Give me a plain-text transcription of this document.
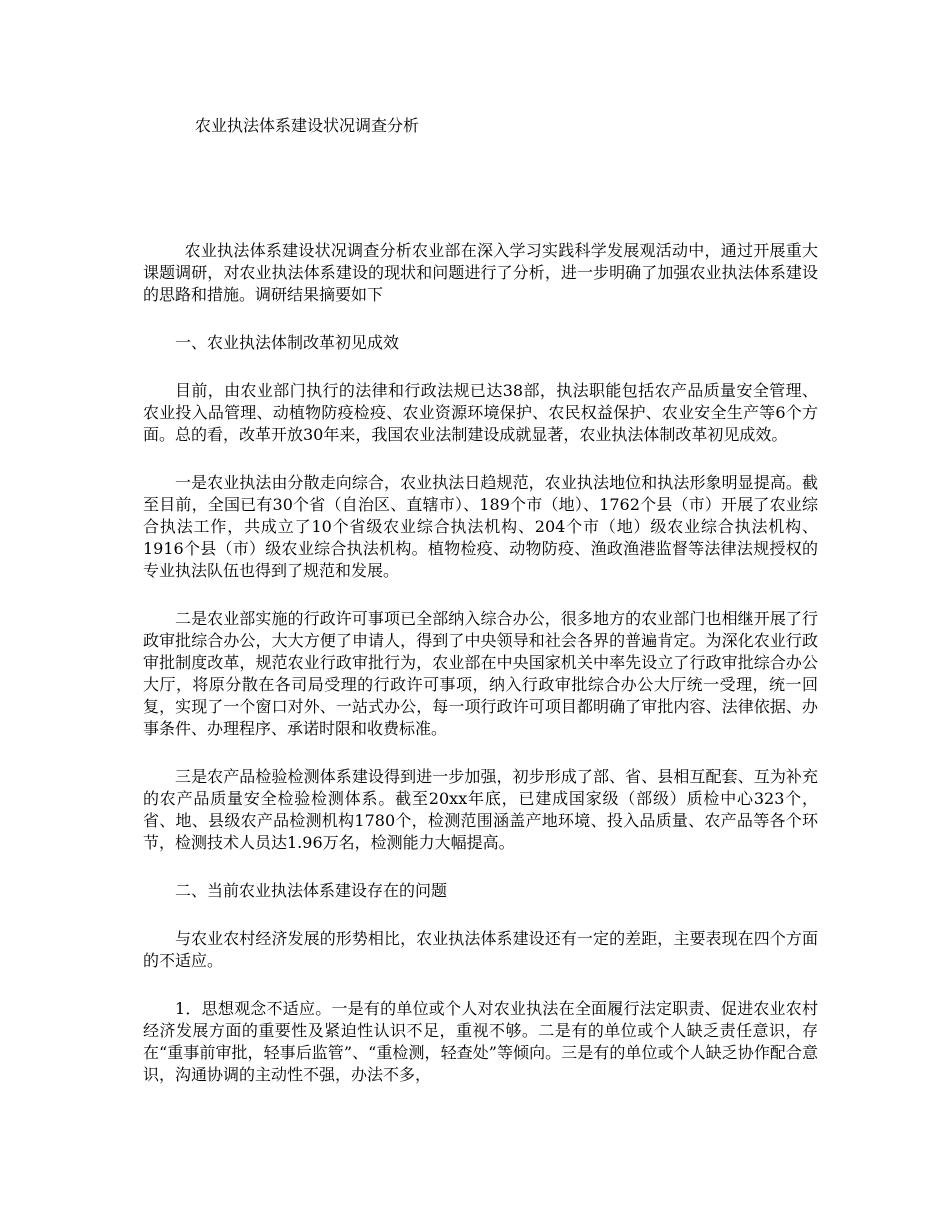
农业执法体系建设状况调查分析

农业执法体系建设状况调查分析农业部在深入学习实践科学发展观活动中，通过开展重大课题调研，对农业执法体系建设的现状和问题进行了分析，进一步明确了加强农业执法体系建设的思路和措施。调研结果摘要如下

一、农业执法体制改革初见成效

目前，由农业部门执行的法律和行政法规已达38部，执法职能包括农产品质量安全管理、农业投入品管理、动植物防疫检疫、农业资源环境保护、农民权益保护、农业安全生产等6个方面。总的看，改革开放30年来，我国农业法制建设成就显著，农业执法体制改革初见成效。

一是农业执法由分散走向综合，农业执法日趋规范，农业执法地位和执法形象明显提高。截至目前，全国已有30个省（自治区、直辖市）、189个市（地）、1762个县（市）开展了农业综合执法工作，共成立了10个省级农业综合执法机构、204个市（地）级农业综合执法机构、1916个县（市）级农业综合执法机构。植物检疫、动物防疫、渔政渔港监督等法律法规授权的专业执法队伍也得到了规范和发展。

二是农业部实施的行政许可事项已全部纳入综合办公，很多地方的农业部门也相继开展了行政审批综合办公，大大方便了申请人，得到了中央领导和社会各界的普遍肯定。为深化农业行政审批制度改革，规范农业行政审批行为，农业部在中央国家机关中率先设立了行政审批综合办公大厅，将原分散在各司局受理的行政许可事项，纳入行政审批综合办公大厅统一受理，统一回复，实现了一个窗口对外、一站式办公，每一项行政许可项目都明确了审批内容、法律依据、办事条件、办理程序、承诺时限和收费标准。

三是农产品检验检测体系建设得到进一步加强，初步形成了部、省、县相互配套、互为补充的农产品质量安全检验检测体系。截至20xx年底，已建成国家级（部级）质检中心323个，省、地、县级农产品检测机构1780个，检测范围涵盖产地环境、投入品质量、农产品等各个环节，检测技术人员达1.96万名，检测能力大幅提高。

二、当前农业执法体系建设存在的问题

与农业农村经济发展的形势相比，农业执法体系建设还有一定的差距，主要表现在四个方面的不适应。

1．思想观念不适应。一是有的单位或个人对农业执法在全面履行法定职责、促进农业农村经济发展方面的重要性及紧迫性认识不足，重视不够。二是有的单位或个人缺乏责任意识，存在“重事前审批，轻事后监管”、“重检测，轻查处”等倾向。三是有的单位或个人缺乏协作配合意识，沟通协调的主动性不强，办法不多，
